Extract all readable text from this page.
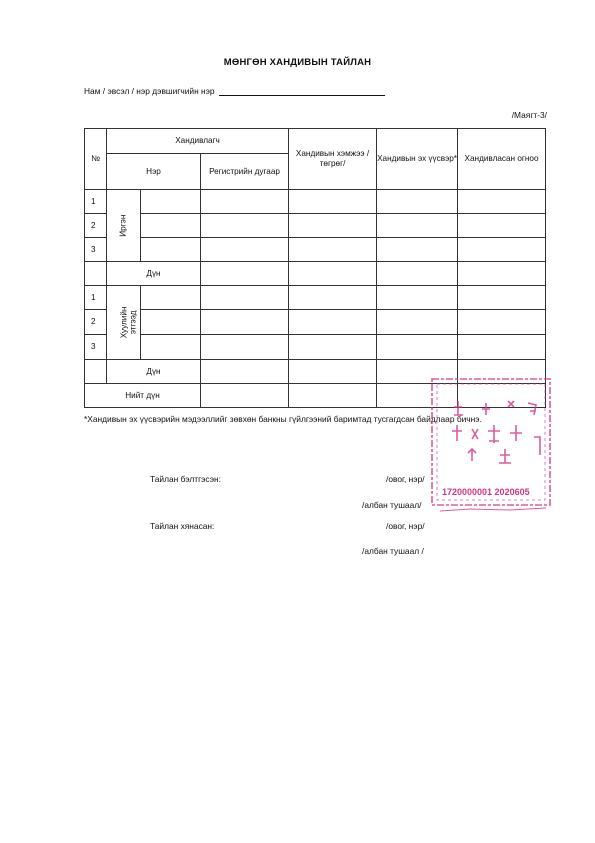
МӨНГӨН ХАНДИВЫН ТАЙЛАН
Нам / эвсэл / нэр дэвшигчийн нэр
/Маягт-3/
№	Хандивлагч			Хандивын хэмжээ /төгрөг/	Хандивын эх үүсвэр*	Хандивласан огноо
	Нэр		Регистрийн дугаар			
1	Иргэн					
2						
3						
	Дүн					
1	Хуулийн этгээд					
2						
3						
	Дүн					
Нийт дүн						
*Хандивын эх үүсвэрийн мэдээллийг зөвхөн банкны гүйлгээний баримтад тусгагдсан байдлаар бичнэ.
Тайлан бэлтгэсэн:	/овог, нэр/
/албан тушаал/
Тайлан хянасан:	/овог, нэр/
/албан тушаал /
1720000001 2020605
